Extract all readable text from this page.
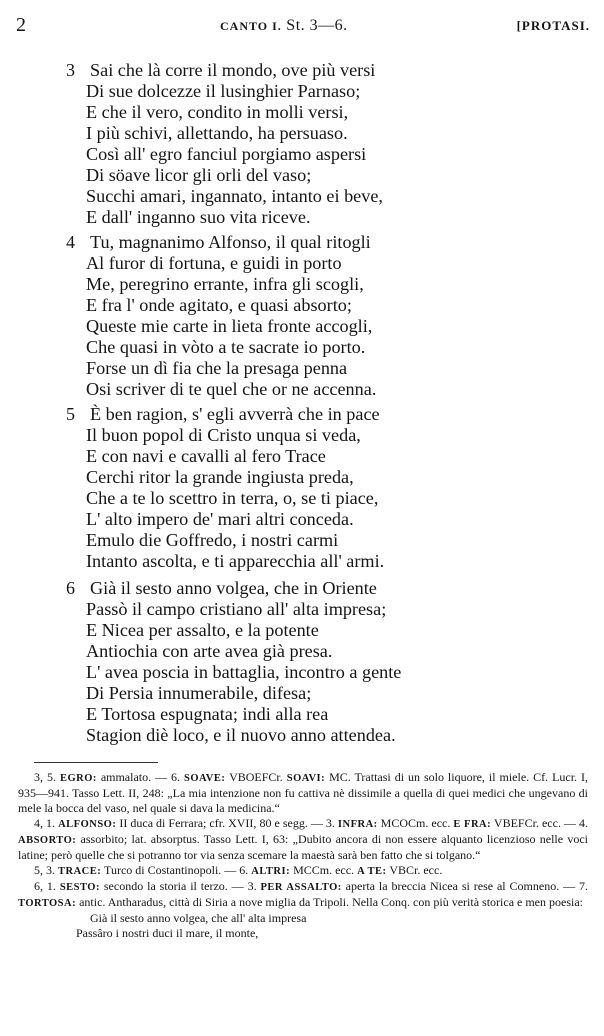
2	CANTO I. St. 3—6.	[PROTASI.
3 Sai che là corre il mondo, ove più versi
Di sue dolcezze il lusinghier Parnaso;
E che il vero, condito in molli versi,
I più schivi, allettando, ha persuaso.
Così all' egro fanciul porgiamo aspersi
Di söave licor gli orli del vaso;
Succhi amari, ingannato, intanto ei beve,
E dall' inganno suo vita riceve.
4 Tu, magnanimo Alfonso, il qual ritogli
Al furor di fortuna, e guidi in porto
Me, peregrino errante, infra gli scogli,
E fra l' onde agitato, e quasi absorto;
Queste mie carte in lieta fronte accogli,
Che quasi in vòto a te sacrate io porto.
Forse un dì fia che la presaga penna
Osi scriver di te quel che or ne accenna.
5 È ben ragion, s' egli avverrà che in pace
Il buon popol di Cristo unqua si veda,
E con navi e cavalli al fero Trace
Cerchi ritor la grande ingiusta preda,
Che a te lo scettro in terra, o, se ti piace,
L' alto impero de' mari altri conceda.
Emulo die Goffredo, i nostri carmi
Intanto ascolta, e ti apparecchia all' armi.
6 Già il sesto anno volgea, che in Oriente
Passò il campo cristiano all' alta impresa;
E Nicea per assalto, e la potente
Antiochia con arte avea già presa.
L' avea poscia in battaglia, incontro a gente
Di Persia innumerabile, difesa;
E Tortosa espugnata; indi alla rea
Stagion diè loco, e il nuovo anno attendea.

3, 5. EGRO: ammalato. — 6. SOAVE: VBOEFCr. SOAVI: MC. Trattasi di un solo liquore, il miele. Cf. Lucr. I, 935—941. Tasso Lett. II, 248: „La mia intenzione non fu cattiva nè dissimile a quella di quei medici che ungevano di mele la bocca del vaso, nel quale si dava la medicina.“

4, 1. ALFONSO: II duca di Ferrara; cfr. XVII, 80 e segg. — 3. INFRA: MCOCm. ecc. E FRA: VBEFCr. ecc. — 4. ABSORTO: assorbito; lat. absorptus. Tasso Lett. I, 63: „Dubito ancora di non essere alquanto licenzioso nelle voci latine; però quelle che si potranno tor via senza scemare la maestà sarà ben fatto che si tolgano.“

5, 3. TRACE: Turco di Costantinopoli. — 6. ALTRI: MCCm. ecc. A TE: VBCr. ecc.

6, 1. SESTO: secondo la storia il terzo. — 3. PER ASSALTO: aperta la breccia Nicea si rese al Comneno. — 7. TORTOSA: antic. Antharadus, città di Siria a nove miglia da Tripoli. Nella Conq. con più verità storica e men poesia:

Già il sesto anno volgea, che all' alta impresa

Passâro i nostri duci il mare, il monte,
